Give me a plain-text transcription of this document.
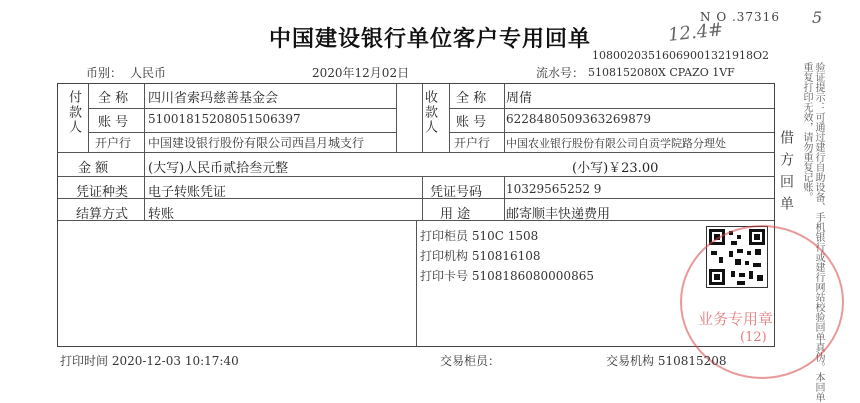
N O .37316 5
12.4#
中国建设银行单位客户专用回单
10800203516069001321918O2
币别： 人民币	2020年12月02日	流水号： 5108152080X CPAZO 1VF
付款人 全 称 四川省索玛慈善基金会
账 号 51001815208051506397
开户行 中国建设银行股份有限公司西昌月城支行
收款人 全 称 周倩
账 号 6228480509363269879
开户行 中国农业银行股份有限公司自贡学院路分理处
金 额	(大写)人民币贰拾叁元整	(小写)￥23.00
凭证种类 电子转账凭证	凭证号码 10329565252 9
结算方式 转账	用 途	邮寄顺丰快递费用
打印柜员 510C 1508
打印机构 510816108
打印卡号 5108186080000865
借方回单	验证提示：可通过建行自助设备、手机银行或建行网站校验回单真伪。本回单重复打印无效，请勿重复记账。
业务专用章
(12)
打印时间 2020-12-03 10:17:40	交易柜员：	交易机构 510815208
